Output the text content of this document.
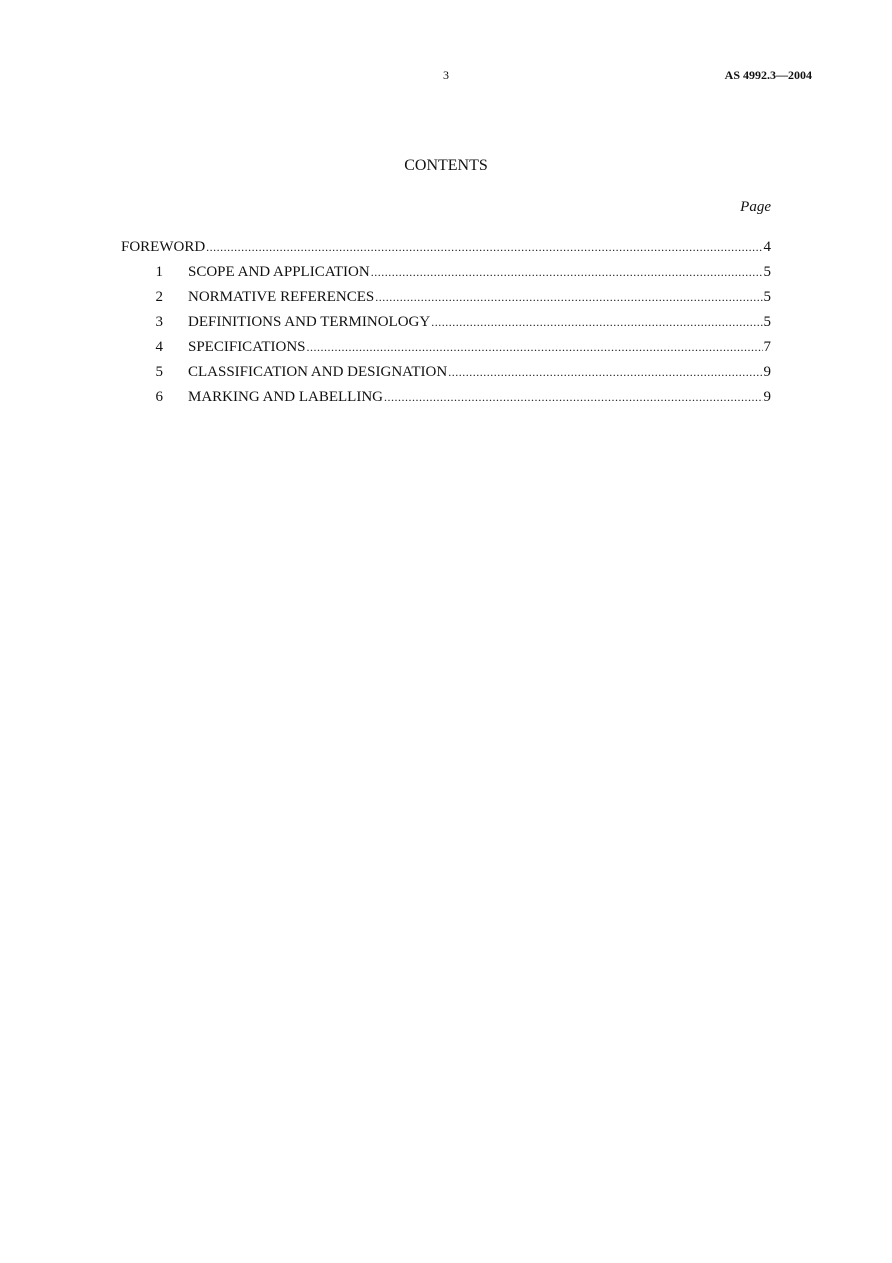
3	AS 4992.3—2004
CONTENTS
Page
FOREWORD .....	4
1 SCOPE AND APPLICATION .....	5
2 NORMATIVE REFERENCES .....	5
3 DEFINITIONS AND TERMINOLOGY .....	5
4 SPECIFICATIONS .....	7
5 CLASSIFICATION AND DESIGNATION .....	9
6 MARKING AND LABELLING .....	9
